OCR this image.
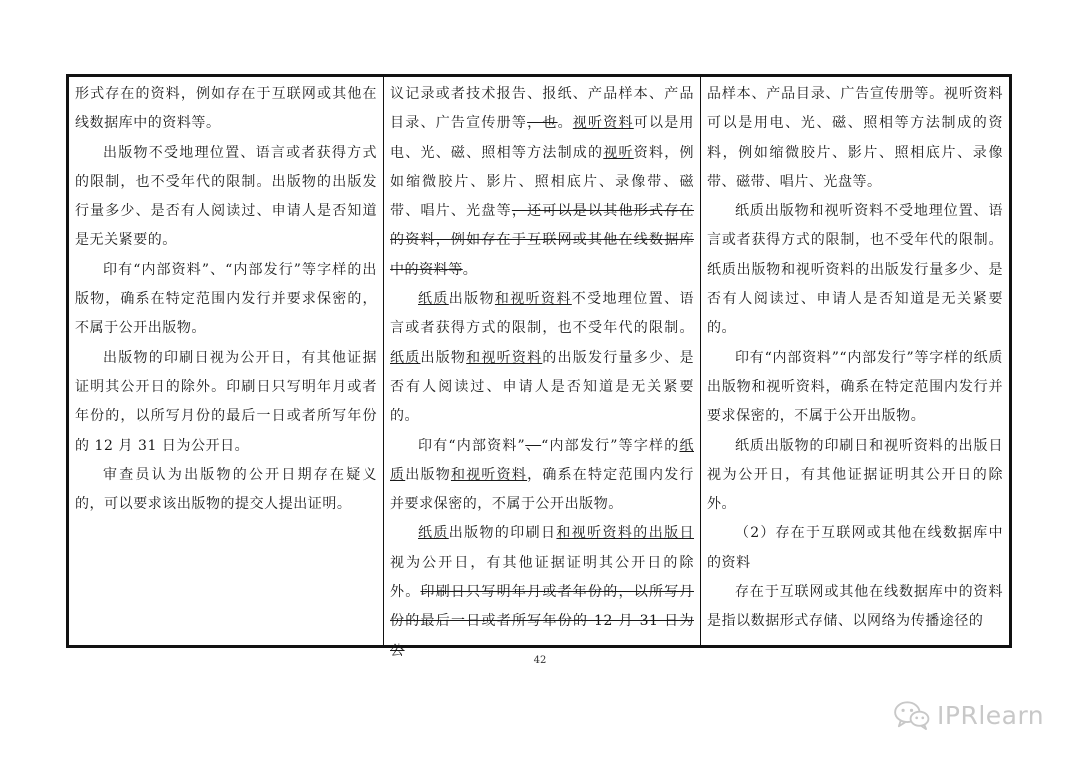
形式存在的资料，例如存在于互联网或其他在线数据库中的资料等。

出版物不受地理位置、语言或者获得方式的限制，也不受年代的限制。出版物的出版发行量多少、是否有人阅读过、申请人是否知道是无关紧要的。

印有“内部资料”、“内部发行”等字样的出版物，确系在特定范围内发行并要求保密的，不属于公开出版物。

出版物的印刷日视为公开日，有其他证据证明其公开日的除外。印刷日只写明年月或者年份的，以所写月份的最后一日或者所写年份的 12 月 31 日为公开日。

审查员认为出版物的公开日期存在疑义的，可以要求该出版物的提交人提出证明。

议记录或者技术报告、报纸、产品样本、产品目录、广告宣传册等，也。视听资料可以是用电、光、磁、照相等方法制成的视听资料，例如缩微胶片、影片、照相底片、录像带、磁带、唱片、光盘等，还可以是以其他形式存在的资料，例如存在于互联网或其他在线数据库中的资料等。

纸质出版物和视听资料不受地理位置、语言或者获得方式的限制，也不受年代的限制。纸质出版物和视听资料的出版发行量多少、是否有人阅读过、申请人是否知道是无关紧要的。

印有“内部资料”、“内部发行”等字样的纸质出版物和视听资料，确系在特定范围内发行并要求保密的，不属于公开出版物。

纸质出版物的印刷日和视听资料的出版日视为公开日，有其他证据证明其公开日的除外。印刷日只写明年月或者年份的，以所写月份的最后一日或者所写年份的 12 月 31 日为公

品样本、产品目录、广告宣传册等。视听资料可以是用电、光、磁、照相等方法制成的资料，例如缩微胶片、影片、照相底片、录像带、磁带、唱片、光盘等。

纸质出版物和视听资料不受地理位置、语言或者获得方式的限制，也不受年代的限制。纸质出版物和视听资料的出版发行量多少、是否有人阅读过、申请人是否知道是无关紧要的。

印有“内部资料”“内部发行”等字样的纸质出版物和视听资料，确系在特定范围内发行并要求保密的，不属于公开出版物。

纸质出版物的印刷日和视听资料的出版日视为公开日，有其他证据证明其公开日的除外。

（2）存在于互联网或其他在线数据库中的资料

存在于互联网或其他在线数据库中的资料是指以数据形式存储、以网络为传播途径的

42
IPRlearn
